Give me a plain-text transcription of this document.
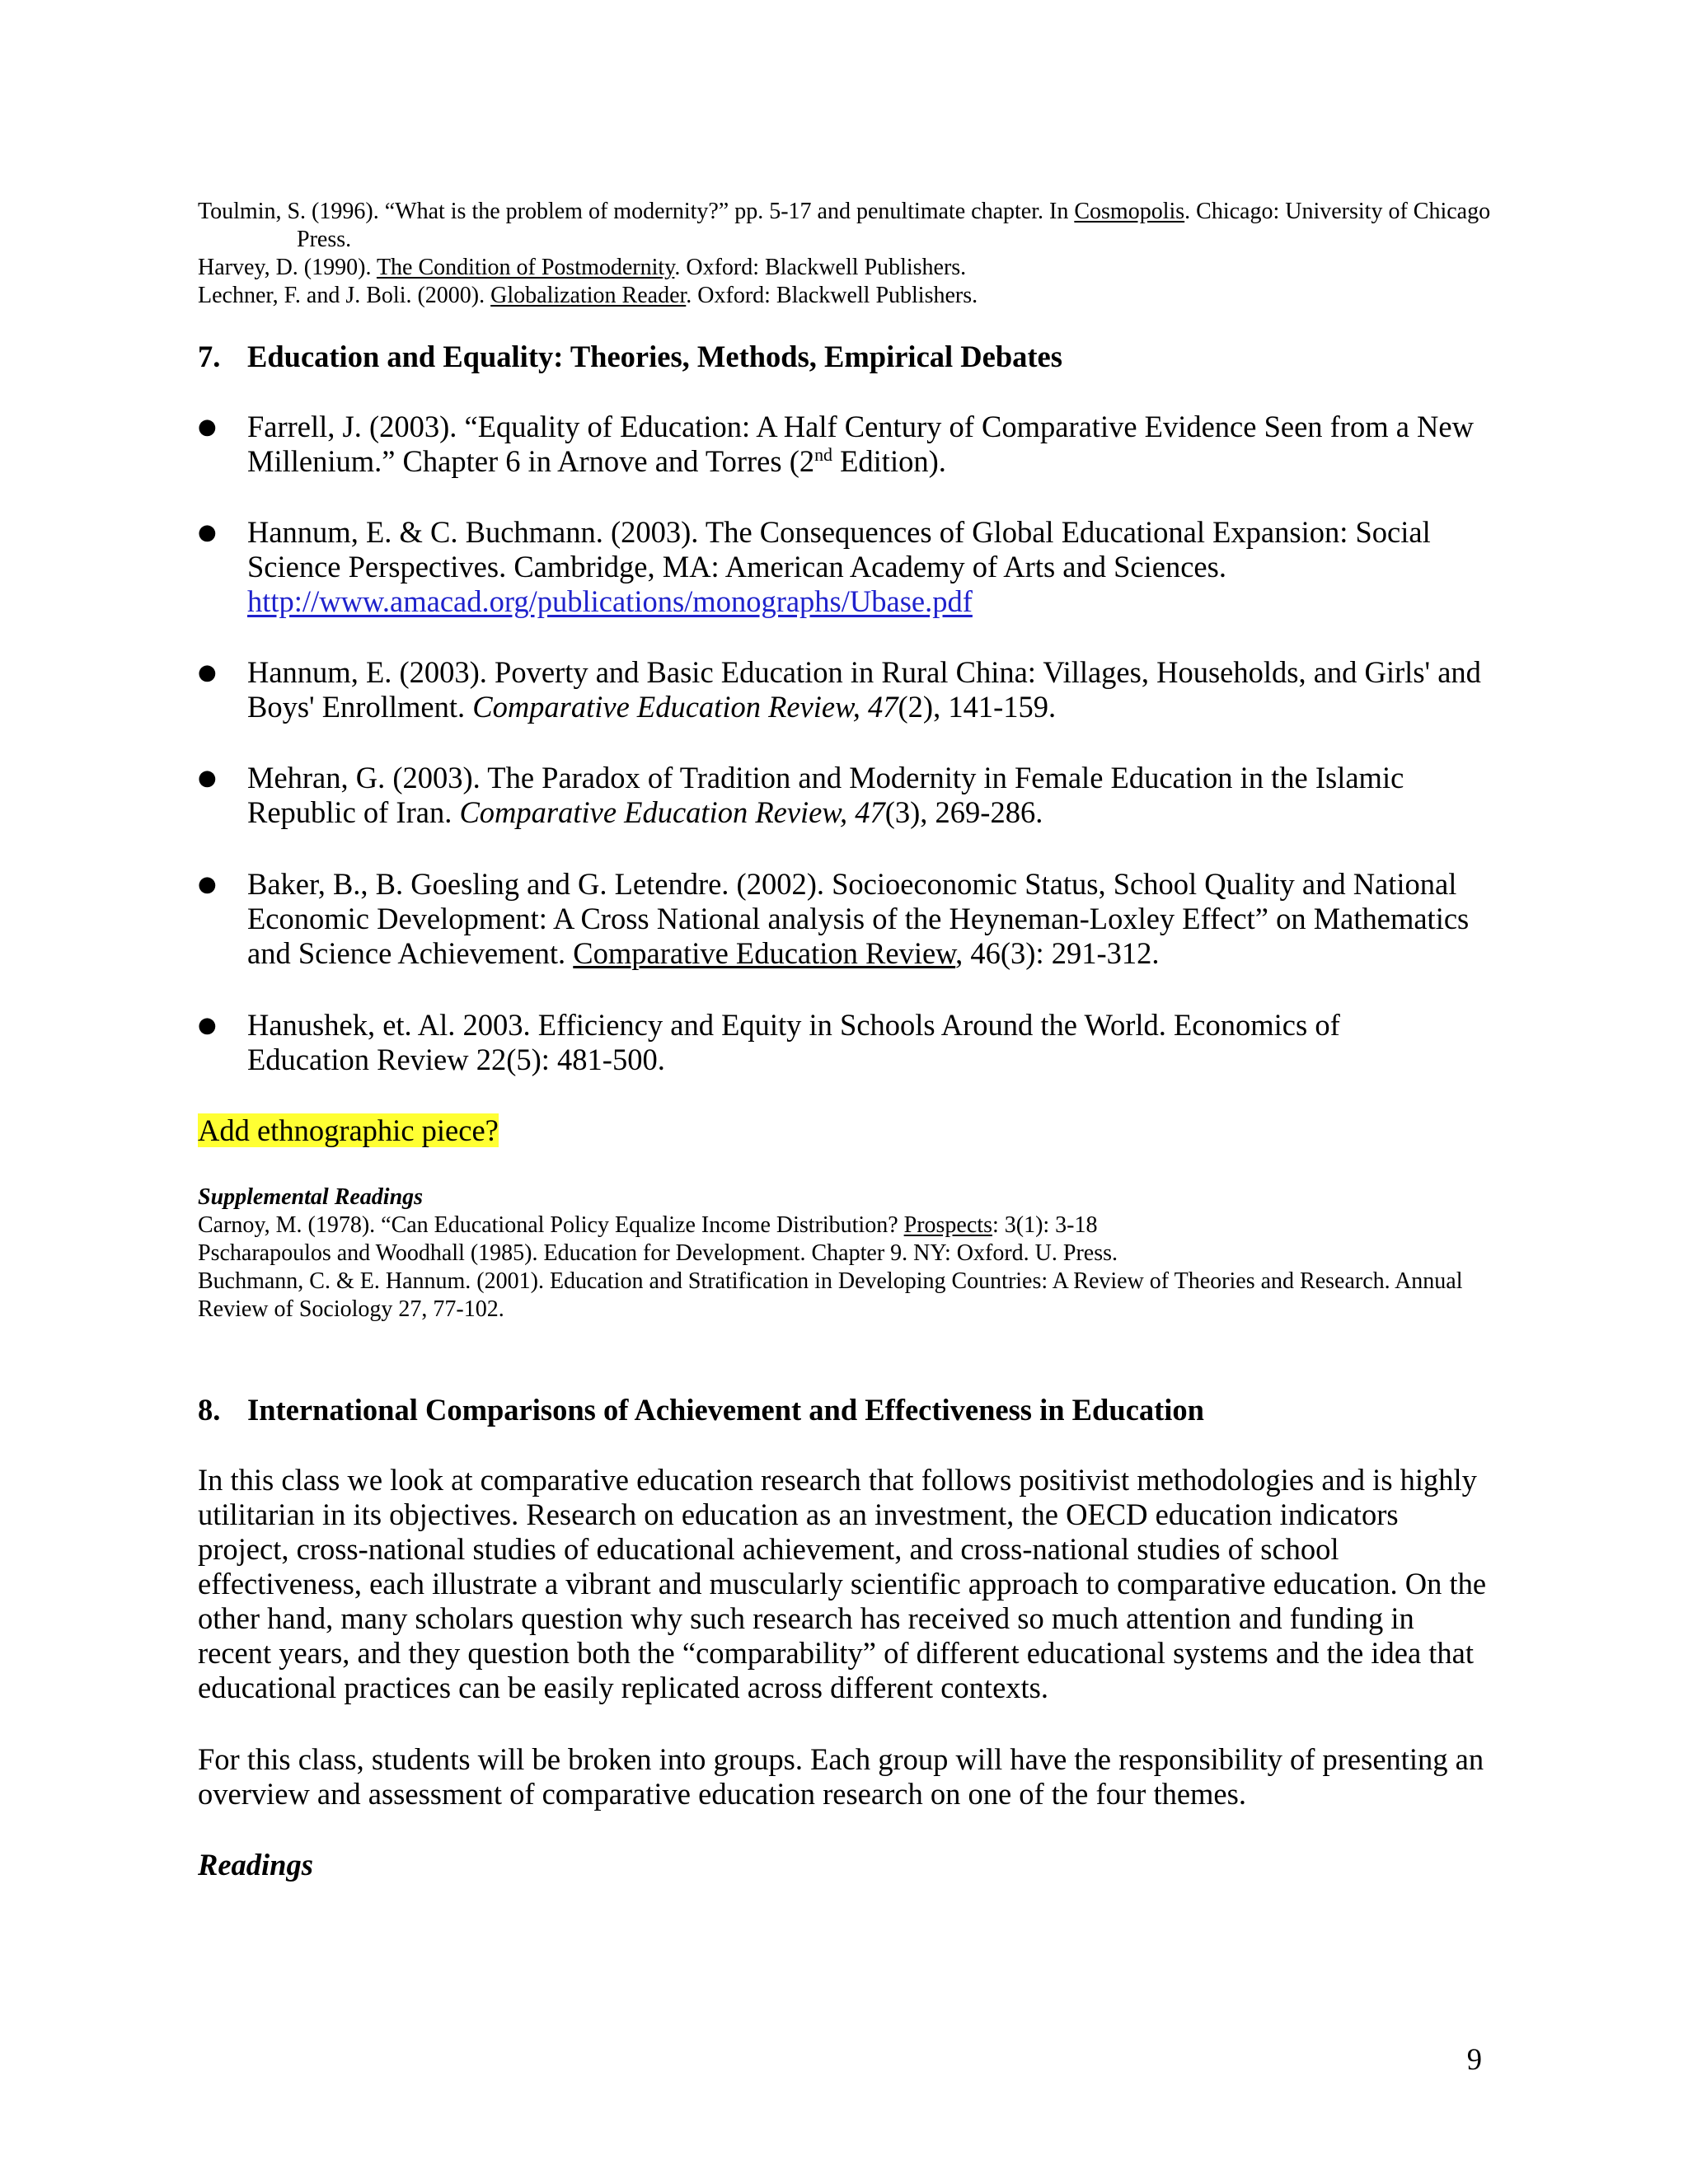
Toulmin, S. (1996). “What is the problem of modernity?” pp. 5-17 and penultimate chapter. In Cosmopolis. Chicago: University of Chicago Press.

Harvey, D. (1990). The Condition of Postmodernity. Oxford: Blackwell Publishers.

Lechner, F. and J. Boli. (2000). Globalization Reader. Oxford: Blackwell Publishers.

7. Education and Equality: Theories, Methods, Empirical Debates
● Farrell, J. (2003). “Equality of Education: A Half Century of Comparative Evidence Seen from a New Millenium.” Chapter 6 in Arnove and Torres (2nd Edition).
● Hannum, E. & C. Buchmann. (2003). The Consequences of Global Educational Expansion: Social Science Perspectives. Cambridge, MA: American Academy of Arts and Sciences.
http://www.amacad.org/publications/monographs/Ubase.pdf
● Hannum, E. (2003). Poverty and Basic Education in Rural China: Villages, Households, and Girls' and Boys' Enrollment. Comparative Education Review, 47(2), 141-159.
● Mehran, G. (2003). The Paradox of Tradition and Modernity in Female Education in the Islamic Republic of Iran. Comparative Education Review, 47(3), 269-286.
● Baker, B., B. Goesling and G. Letendre. (2002). Socioeconomic Status, School Quality and National Economic Development: A Cross National analysis of the Heyneman-Loxley Effect” on Mathematics and Science Achievement. Comparative Education Review, 46(3): 291-312.
● Hanushek, et. Al. 2003. Efficiency and Equity in Schools Around the World. Economics of Education Review 22(5): 481-500.

Add ethnographic piece?

Supplemental Readings

Carnoy, M. (1978). “Can Educational Policy Equalize Income Distribution? Prospects: 3(1): 3-18

Pscharapoulos and Woodhall (1985). Education for Development. Chapter 9. NY: Oxford. U. Press.

Buchmann, C. & E. Hannum. (2001). Education and Stratification in Developing Countries: A Review of Theories and Research. Annual Review of Sociology 27, 77-102.

8. International Comparisons of Achievement and Effectiveness in Education

In this class we look at comparative education research that follows positivist methodologies and is highly utilitarian in its objectives. Research on education as an investment, the OECD education indicators project, cross-national studies of educational achievement, and cross-national studies of school effectiveness, each illustrate a vibrant and muscularly scientific approach to comparative education. On the other hand, many scholars question why such research has received so much attention and funding in recent years, and they question both the “comparability” of different educational systems and the idea that educational practices can be easily replicated across different contexts.

For this class, students will be broken into groups. Each group will have the responsibility of presenting an overview and assessment of comparative education research on one of the four themes.

Readings

9
